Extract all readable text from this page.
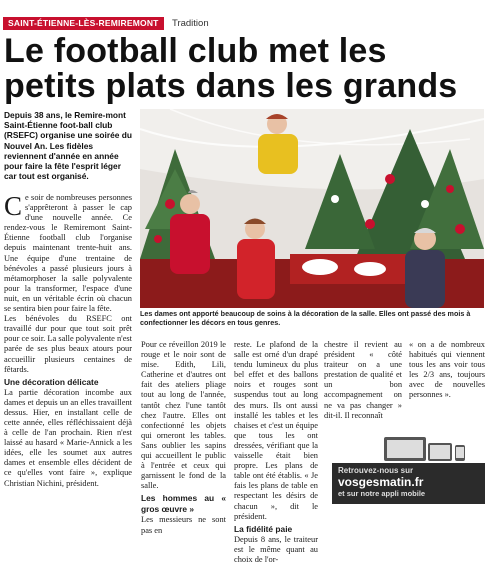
SAINT-ÉTIENNE-LÈS-REMIREMONT	Tradition
Le football club met les petits plats dans les grands
Depuis 38 ans, le Remire-mont Saint-Étienne foot-ball club (RSEFC) organise une soirée du Nouvel An. Les fidèles reviennent d'année en année pour faire la fête l'esprit léger car tout est organisé.
Les dames ont apporté beaucoup de soins à la décoration de la salle. Elles ont passé des mois à confectionner les décors en tous genres.

Ce soir de nombreuses personnes s'apprêteront à passer le cap d'une nouvelle année. Ce rendez-vous le Remiremont Saint-Étienne football club l'organise depuis maintenant trente-huit ans. Une équipe d'une trentaine de bénévoles a passé plusieurs jours à métamorphoser la salle polyvalente pour la transformer, l'espace d'une nuit, en un véritable écrin où chacun se sentira bien pour faire la fête.

Les bénévoles du RSEFC ont travaillé dur pour que tout soit prêt pour ce soir. La salle polyvalente n'est parée de ses plus beaux atours pour accueillir plusieurs centaines de fêtards.

Une décoration délicate

La partie décoration incombe aux dames et depuis un an elles travaillent dessus. Hier, en installant celle de cette année, elles réfléchissaient déjà à celle de l'an prochain. Rien n'est laissé au hasard « Marie-Annick a les idées, elle les soumet aux autres dames et ensemble elles décident de ce qu'elles vont faire », explique Christian Nichini, président.

Pour ce réveillon 2019 le rouge et le noir sont de mise. Edith, Lili, Catherine et d'autres ont fait des ateliers pliage tout au long de l'année, tantôt chez l'une tantôt chez l'autre. Elles ont confectionné les objets qui orneront les tables. Sans oublier les sapins qui accueillent le public à l'entrée et ceux qui garnissent le fond de la salle.

Les hommes au « gros œuvre »

Les messieurs ne sont pas en

reste. Le plafond de la salle est orné d'un drapé tendu lumineux du plus bel effet et des ballons noirs et rouges sont suspendus tout au long des murs. Ils ont aussi installé les tables et les chaises et c'est un équipe que tous les ont dressées, vérifiant que la vaisselle était bien propre. Les plans de table ont été établis. « Je fais les plans de table en respectant les désirs de chacun », dit le président.

La fidélité paie

Depuis 8 ans, le traiteur est le même quant au choix de l'or-

chestre il revient au président « côté traiteur on a une prestation de qualité et un bon accompagnement on ne va pas changer » dit-il. Il reconnaît

« on a de nombreux habitués qui viennent tous les ans voir tous les 2/3 ans, toujours avec de nouvelles personnes ».

Retrouvez-nous sur
vosgesmatin.fr
et sur notre appli mobile
